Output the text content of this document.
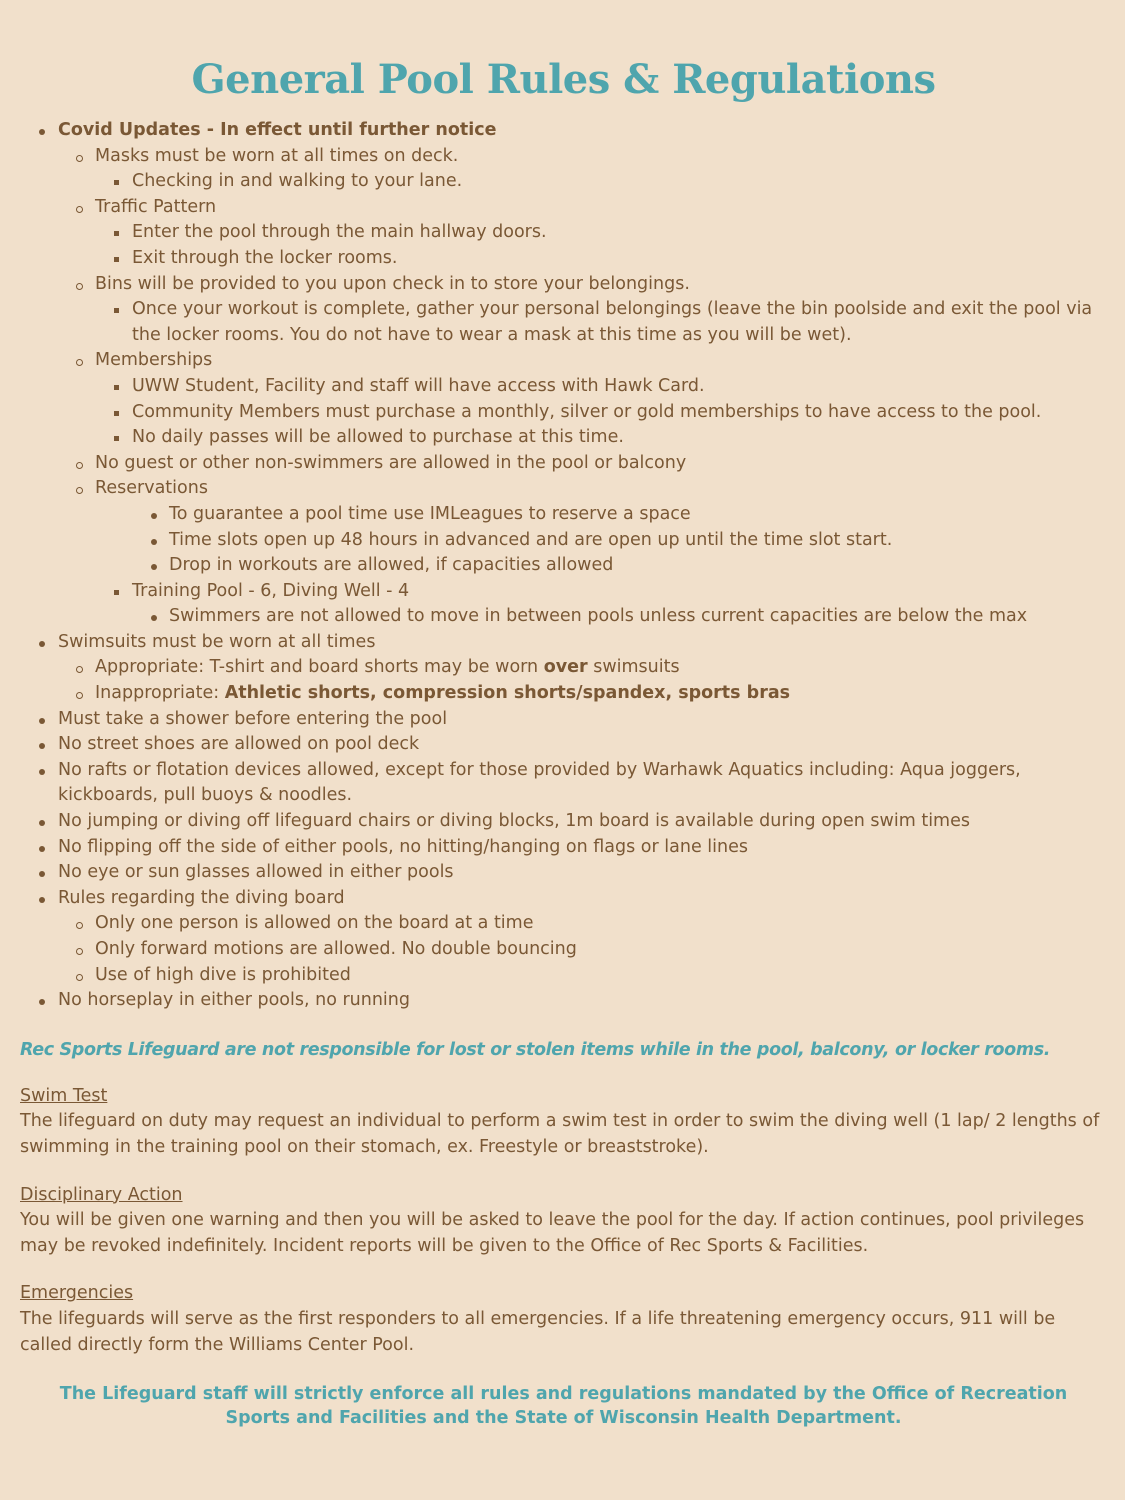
General Pool Rules & Regulations
Covid Updates - In effect until further notice
Masks must be worn at all times on deck.
Checking in and walking to your lane.
Traffic Pattern
Enter the pool through the main hallway doors.
Exit through the locker rooms.
Bins will be provided to you upon check in to store your belongings.
Once your workout is complete, gather your personal belongings (leave the bin poolside and exit the pool via the locker rooms. You do not have to wear a mask at this time as you will be wet).
Memberships
UWW Student, Facility and staff will have access with Hawk Card.
Community Members must purchase a monthly, silver or gold memberships to have access to the pool.
No daily passes will be allowed to purchase at this time.
No guest or other non-swimmers are allowed in the pool or balcony
Reservations
To guarantee a pool time use IMLeagues to reserve a space
Time slots open up 48 hours in advanced and are open up until the time slot start.
Drop in workouts are allowed, if capacities allowed
Training Pool - 6, Diving Well - 4
Swimmers are not allowed to move in between pools unless current capacities are below the max
Swimsuits must be worn at all times
Appropriate: T-shirt and board shorts may be worn over swimsuits
Inappropriate: Athletic shorts, compression shorts/spandex, sports bras
Must take a shower before entering the pool
No street shoes are allowed on pool deck
No rafts or flotation devices allowed, except for those provided by Warhawk Aquatics including: Aqua joggers, kickboards, pull buoys & noodles.
No jumping or diving off lifeguard chairs or diving blocks, 1m board is available during open swim times
No flipping off the side of either pools, no hitting/hanging on flags or lane lines
No eye or sun glasses allowed in either pools
Rules regarding the diving board
Only one person is allowed on the board at a time
Only forward motions are allowed. No double bouncing
Use of high dive is prohibited
No horseplay in either pools, no running
Rec Sports Lifeguard are not responsible for lost or stolen items while in the pool, balcony, or locker rooms.
Swim Test
The lifeguard on duty may request an individual to perform a swim test in order to swim the diving well (1 lap/ 2 lengths of swimming in the training pool on their stomach, ex. Freestyle or breaststroke).
Disciplinary Action
You will be given one warning and then you will be asked to leave the pool for the day. If action continues, pool privileges may be revoked indefinitely. Incident reports will be given to the Office of Rec Sports & Facilities.
Emergencies
The lifeguards will serve as the first responders to all emergencies. If a life threatening emergency occurs, 911 will be called directly form the Williams Center Pool.
The Lifeguard staff will strictly enforce all rules and regulations mandated by the Office of Recreation Sports and Facilities and the State of Wisconsin Health Department.
